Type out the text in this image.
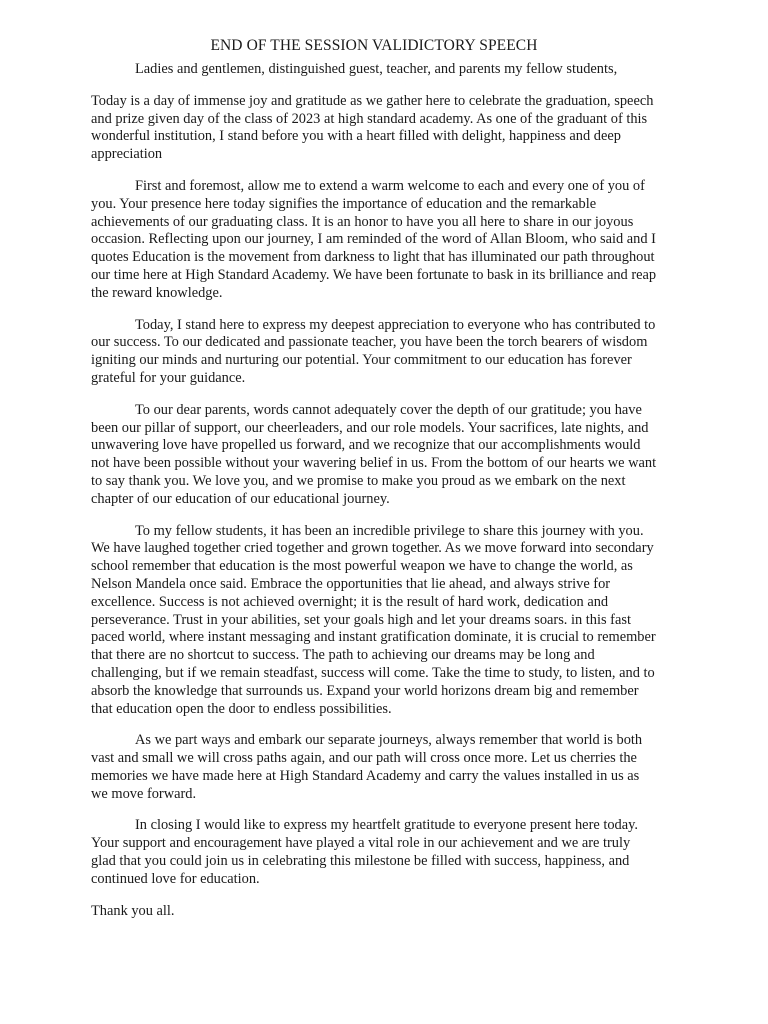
END OF THE SESSION VALIDICTORY SPEECH

Ladies and gentlemen, distinguished guest, teacher, and parents my fellow students,

Today is a day of immense joy and gratitude as we gather here to celebrate the graduation, speech and prize given day of the class of 2023 at high standard academy. As one of the graduant of this wonderful institution, I stand before you with a heart filled with delight, happiness and deep appreciation

First and foremost, allow me to extend a warm welcome to each and every one of you of you. Your presence here today signifies the importance of education and the remarkable achievements of our graduating class. It is an honor to have you all here to share in our joyous occasion. Reflecting upon our journey, I am reminded of the word of Allan Bloom, who said and I quotes Education is the movement from darkness to light that has illuminated our path throughout our time here at High Standard Academy. We have been fortunate to bask in its brilliance and reap the reward knowledge.

Today, I stand here to express my deepest appreciation to everyone who has contributed to our success. To our dedicated and passionate teacher, you have been the torch bearers of wisdom igniting our minds and nurturing our potential. Your commitment to our education has forever grateful for your guidance.

To our dear parents, words cannot adequately cover the depth of our gratitude; you have been our pillar of support, our cheerleaders, and our role models. Your sacrifices, late nights, and unwavering love have propelled us forward, and we recognize that our accomplishments would not have been possible without your wavering belief in us. From the bottom of our hearts we want to say thank you. We love you, and we promise to make you proud as we embark on the next chapter of our education of our educational journey.

To my fellow students, it has been an incredible privilege to share this journey with you. We have laughed together cried together and grown together. As we move forward into secondary school remember that education is the most powerful weapon we have to change the world, as Nelson Mandela once said. Embrace the opportunities that lie ahead, and always strive for excellence. Success is not achieved overnight; it is the result of hard work, dedication and perseverance. Trust in your abilities, set your goals high and let your dreams soars. in this fast paced world, where instant messaging and instant gratification dominate, it is crucial to remember that there are no shortcut to success. The path to achieving our dreams may be long and challenging, but if we remain steadfast, success will come. Take the time to study, to listen, and to absorb the knowledge that surrounds us. Expand your world horizons dream big and remember that education open the door to endless possibilities.

As we part ways and embark our separate journeys, always remember that world is both vast and small we will cross paths again, and our path will cross once more. Let us cherries the memories we have made here at High Standard Academy and carry the values installed in us as we move forward.

In closing I would like to express my heartfelt gratitude to everyone present here today. Your support and encouragement have played a vital role in our achievement and we are truly glad that you could join us in celebrating this milestone be filled with success, happiness, and continued love for education.

Thank you all.
